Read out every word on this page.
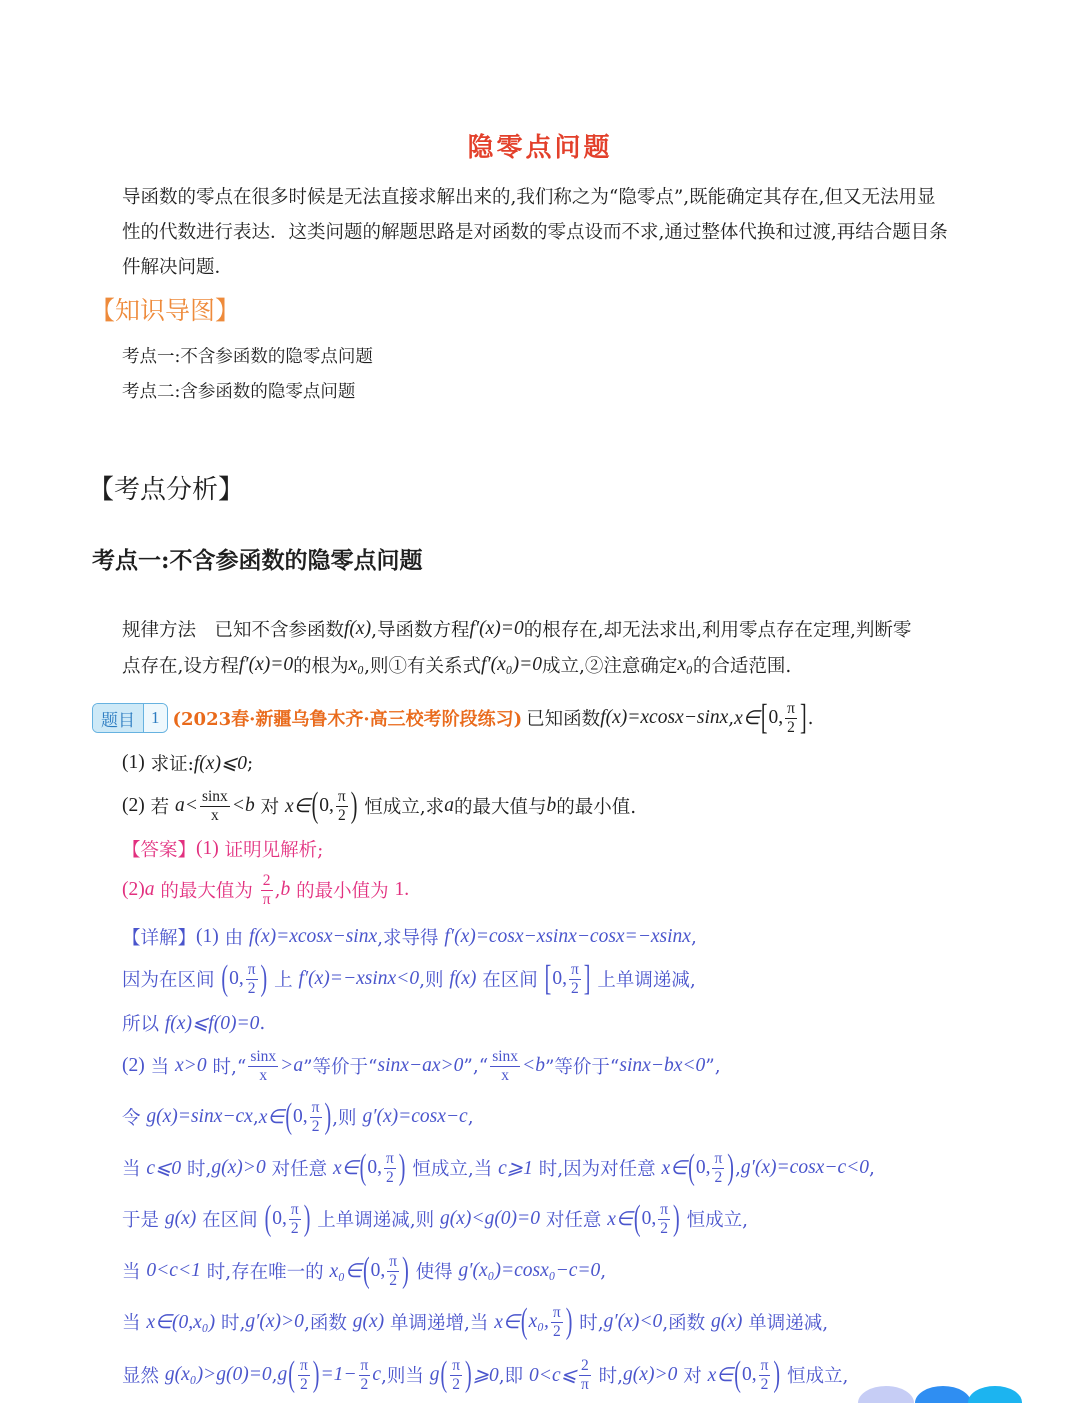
隐零点问题
导函数的零点在很多时候是无法直接求解出来的,我们称之为“隐零点”,既能确定其存在,但又无法用显
性的代数进行表达．这类问题的解题思路是对函数的零点设而不求,通过整体代换和过渡,再结合题目条
件解决问题．
【知识导图】
考点一:不含参函数的隐零点问题
考点二:含参函数的隐零点问题
【考点分析】
考点一:不含参函数的隐零点问题
规律方法　已知不含参函数 f(x) ,导函数方程 f′(x)=0 的根存在,却无法求出,利用零点存在定理,判断零
点存在,设方程 f′(x)=0 的根为 x₀ ,则①有关系式 f′(x₀)=0 成立,②注意确定 x₀ 的合适范围.
题目 1 (2023春·新疆乌鲁木齐·高三校考阶段练习) 已知函数 f(x)=xcosx−sinx , x∈ [ 0, $\frac{\pi}{2}$ ] .
(1) 求证: f(x)⩽0 ;
(2) 若 $a< \frac{\sin x}{x} <b$ 对 x∈ ( 0, $\frac{\pi}{2}$ ) 恒成立,求 a 的最大值与 b 的最小值.
【答案】 (1) 证明见解析;
(2) a 的最大值为 $\frac{2}{\pi}$ , b 的最小值为 1.
【详解】 (1) 由 f(x)=xcosx−sinx ,求导得 f′(x)=cosx−xsinx−cosx=−xsinx ,
因为在区间 ( 0, $\frac{\pi}{2}$ ) 上 f′(x)=−xsinx<0 ,则 f(x) 在区间 [ 0, $\frac{\pi}{2}$ ] 上单调递减,
所以 f(x)⩽f(0)=0 .
(2) 当 x>0 时,“ $\frac{\sin x}{x} >a$ ”等价于“ sinx−ax>0 ”,“ $\frac{\sin x}{x} <b$ ”等价于“ sinx−bx<0 ”,
令 g(x)=sinx−cx , x∈ ( 0, $\frac{\pi}{2}$ ) ,则 g′(x)=cosx−c ,
当 c⩽0 时, g(x)>0 对任意 x∈ ( 0, $\frac{\pi}{2}$ ) 恒成立,当 c⩾1 时,因为对任意 x∈ ( 0, $\frac{\pi}{2}$ ) , g′(x)=cosx−c<0 ,
于是 g(x) 在区间 ( 0, $\frac{\pi}{2}$ ) 上单调递减,则 g(x)<g(0)=0 对任意 x∈ ( 0, $\frac{\pi}{2}$ ) 恒成立,
当 0<c<1 时,存在唯一的 x₀∈ ( 0, $\frac{\pi}{2}$ ) 使得 g′(x₀)=cosx₀−c=0 ,
当 x∈(0,x₀) 时, g′(x)>0 ,函数 g(x) 单调递增,当 x∈ ( x₀, $\frac{\pi}{2}$ ) 时, g′(x)<0 ,函数 g(x) 单调递减,
显然 g(x₀)>g(0)=0 , g ( $\frac{\pi}{2}$ ) $=1- \frac{\pi}{2}$ c ,则当 g ( $\frac{\pi}{2}$ ) ⩾0 ,即 0<c⩽ $\frac{2}{\pi}$ 时, g(x)>0 对 x∈ ( 0, $\frac{\pi}{2}$ ) 恒成立,
